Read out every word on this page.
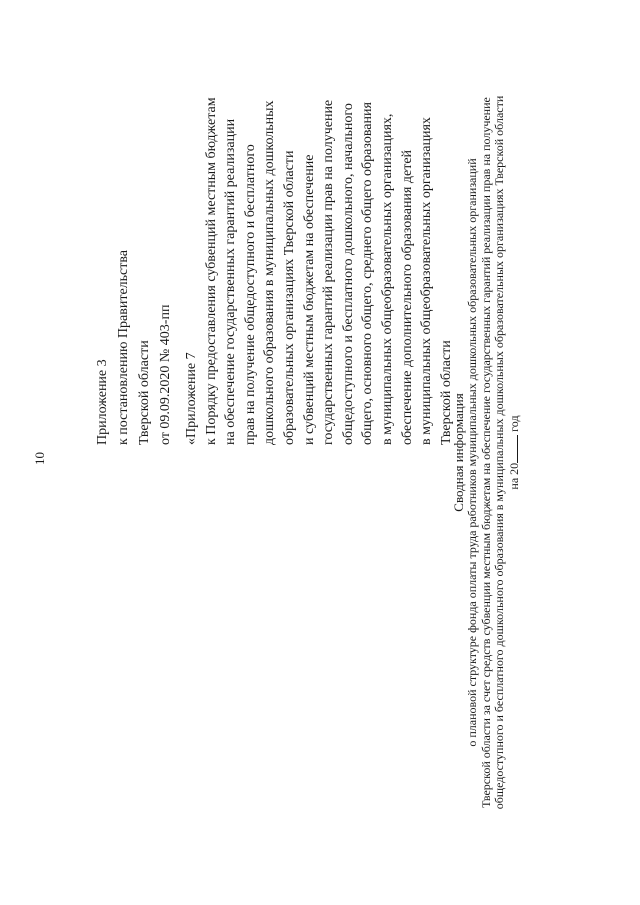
10
Приложение 3 к постановлению Правительства Тверской области от 09.09.2020 № 403-пп «Приложение 7 к Порядку предоставления субвенций местным бюджетам на обеспечение государственных гарантий реализации прав на получение общедоступного и бесплатного дошкольного образования в муниципальных дошкольных образовательных организациях Тверской области и субвенций местным бюджетам на обеспечение государственных гарантий реализации прав на получение общедоступного и бесплатного дошкольного, начального общего, основного общего, среднего общего образования в муниципальных общеобразовательных организациях, обеспечение дополнительного образования детей в муниципальных общеобразовательных организациях Тверской области
Сводная информация о плановой структуре фонда оплаты труда работников муниципальных дошкольных образовательных организаций Тверской области за счет средств субвенции местным бюджетам на обеспечение государственных гарантий реализации прав на получение общедоступного и бесплатного дошкольного образования в муниципальных дошкольных образовательных организациях Тверской области на 20 год
